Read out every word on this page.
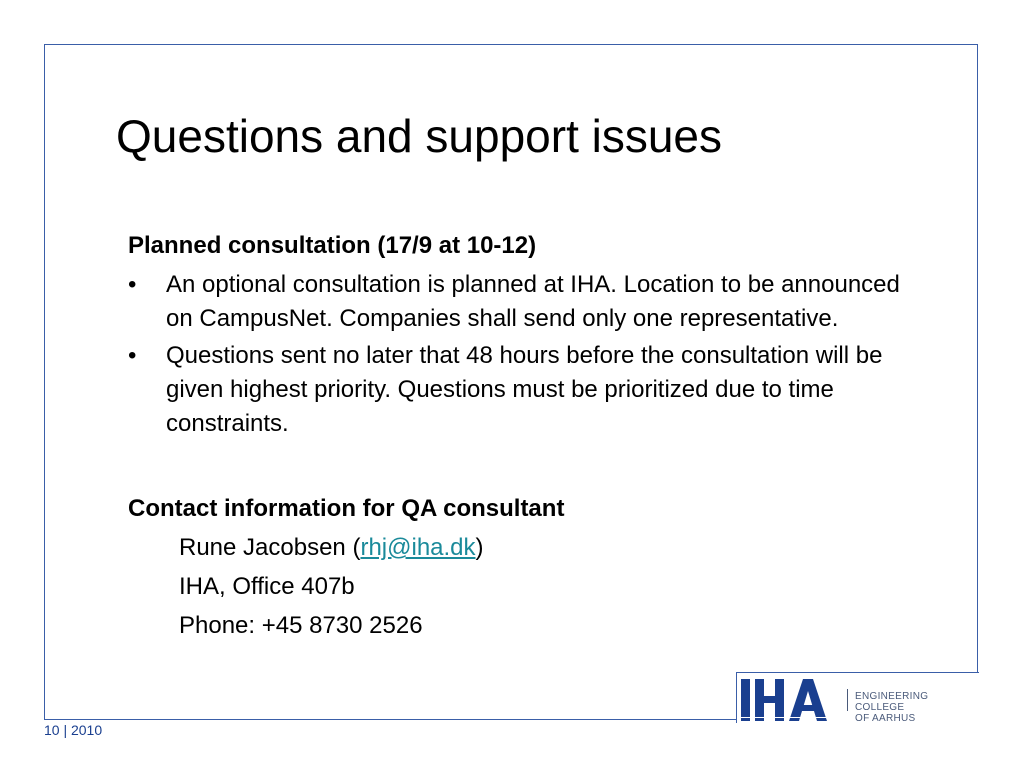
Questions and support issues
Planned consultation (17/9 at 10-12)
•	An optional consultation is planned at IHA. Location to be announced on CampusNet. Companies shall send only one representative.
•	Questions sent no later that 48 hours before the consultation will be given highest priority. Questions must be prioritized due to time constraints.
Contact information for QA consultant
Rune Jacobsen (rhj@iha.dk)
IHA, Office 407b
Phone: +45 8730 2526
10 | 2010
ENGINEERING COLLEGE
OF AARHUS
